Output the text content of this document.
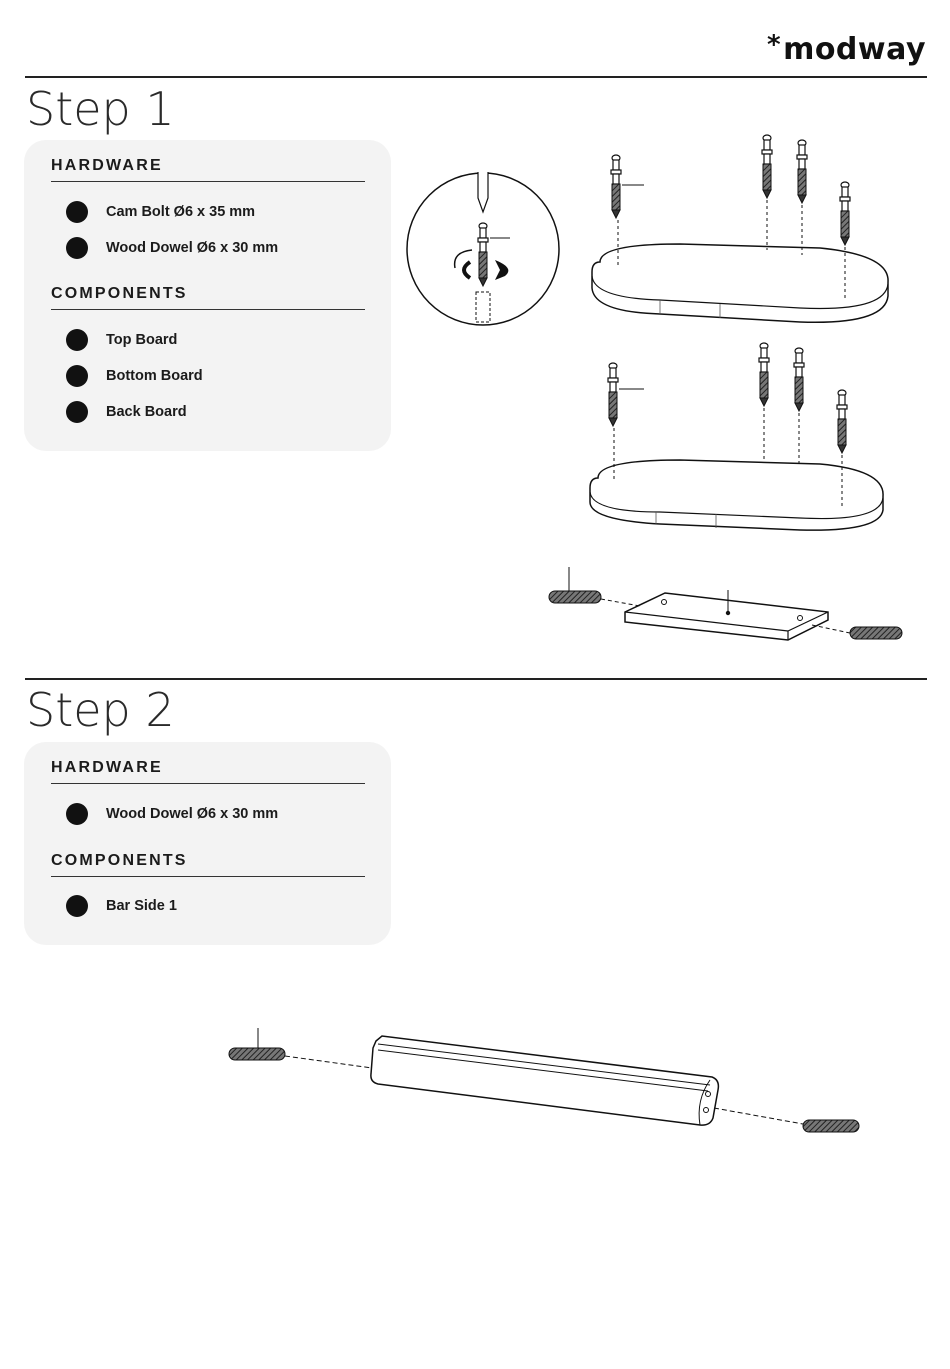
*modway
Step 1
HARDWARE
Cam Bolt Ø6 x 35 mm
Wood Dowel Ø6 x 30 mm
COMPONENTS
Top Board
Bottom Board
Back Board
Step 2
HARDWARE
Wood Dowel Ø6 x 30 mm
COMPONENTS
Bar Side 1
